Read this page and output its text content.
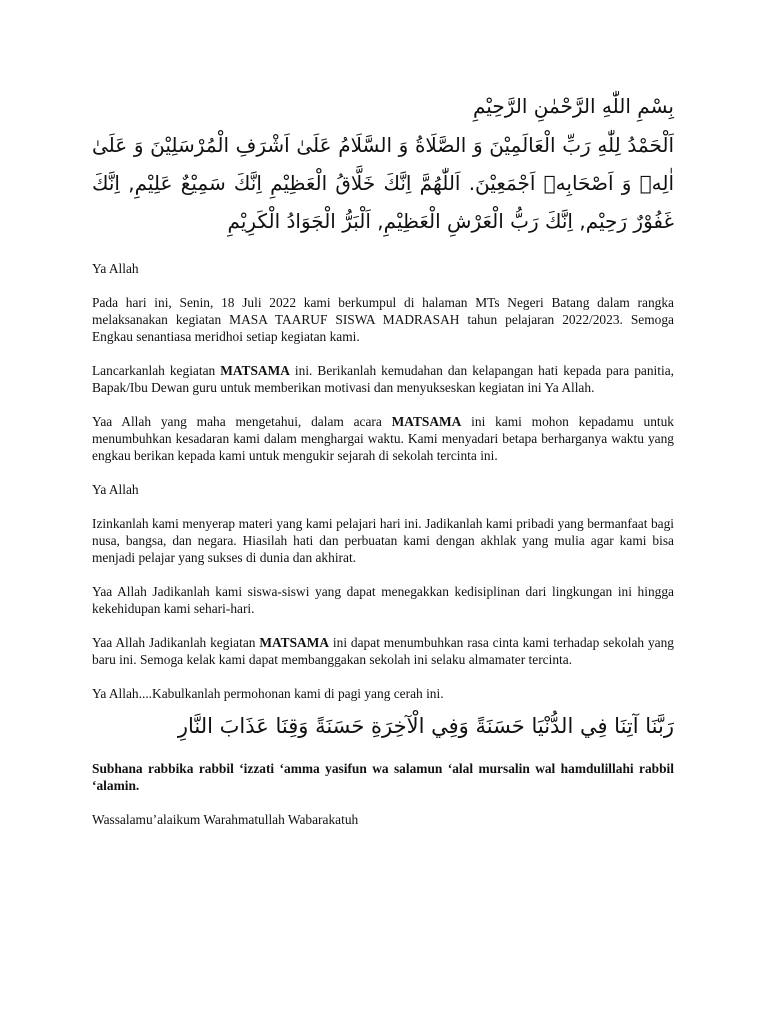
بِسْمِ اللّٰهِ الرَّحْمٰنِ الرَّحِيْمِ

اَلْحَمْدُ لِلّٰهِ رَبِّ الْعَالَمِيْنَ وَ الصَّلَاةُ وَ السَّلَامُ عَلَىٰ اَشْرَفِ الْمُرْسَلِيْنَ وَ عَلَىٰ اٰلِهٖ وَ اَصْحَابِهٖ اَجْمَعِيْنَ. اَللّٰهُمَّ اِنَّكَ خَلَّاقُ الْعَظِيْمِ اِنَّكَ سَمِيْعٌ عَلِيْمِ, اِنَّكَ غَفُوْرٌ رَحِيْم, اِنَّكَ رَبُّ الْعَرْشِ الْعَظِيْمِ, اَلْبَرُّ الْجَوَادُ الْكَرِيْمِ

Ya Allah

Pada hari ini, Senin, 18 Juli 2022 kami berkumpul di halaman MTs Negeri Batang dalam rangka melaksanakan kegiatan MASA TAARUF SISWA MADRASAH tahun pelajaran 2022/2023. Semoga Engkau senantiasa meridhoi setiap kegiatan kami.

Lancarkanlah kegiatan MATSAMA ini. Berikanlah kemudahan dan kelapangan hati kepada para panitia, Bapak/Ibu Dewan guru untuk memberikan motivasi dan menyukseskan kegiatan ini Ya Allah.

Yaa Allah yang maha mengetahui, dalam acara MATSAMA ini kami mohon kepadamu untuk menumbuhkan kesadaran kami dalam menghargai waktu. Kami menyadari betapa berharganya waktu yang engkau berikan kepada kami untuk mengukir sejarah di sekolah tercinta ini.

Ya Allah

Izinkanlah kami menyerap materi yang kami pelajari hari ini. Jadikanlah kami pribadi yang bermanfaat bagi nusa, bangsa, dan negara. Hiasilah hati dan perbuatan kami dengan akhlak yang mulia agar kami bisa menjadi pelajar yang sukses di dunia dan akhirat.

Yaa Allah Jadikanlah kami siswa-siswi yang dapat menegakkan kedisiplinan dari lingkungan ini hingga kekehidupan kami sehari-hari.

Yaa Allah Jadikanlah kegiatan MATSAMA ini dapat menumbuhkan rasa cinta kami terhadap sekolah yang baru ini. Semoga kelak kami dapat membanggakan sekolah ini selaku almamater tercinta.

Ya Allah....Kabulkanlah permohonan kami di pagi yang cerah ini.

رَبَّنَا آتِنَا فِي الدُّنْيَا حَسَنَةً وَفِي الْآخِرَةِ حَسَنَةً وَقِنَا عَذَابَ النَّارِ

Subhana rabbika rabbil ‘izzati ‘amma yasifun wa salamun ‘alal mursalin wal hamdulillahi rabbil ‘alamin.

Wassalamu’alaikum Warahmatullah Wabarakatuh
